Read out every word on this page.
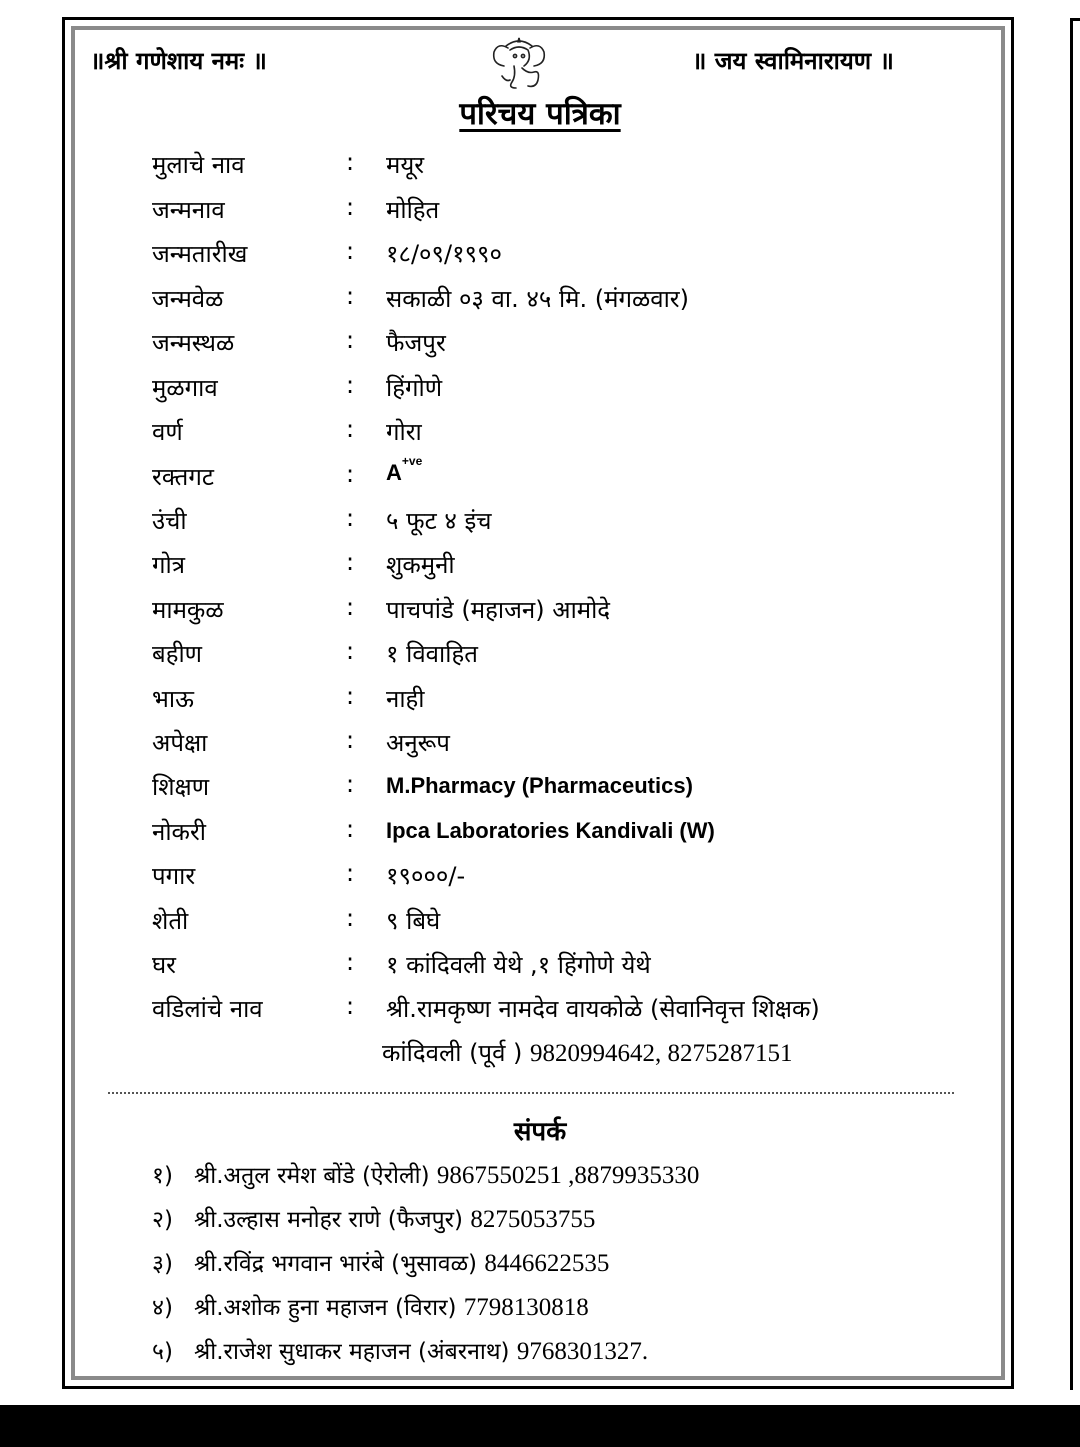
॥श्री गणेशाय नमः ॥	॥ जय स्वामिनारायण ॥
परिचय पत्रिका
मुलाचे नाव	: मयूर
जन्मनाव	: मोहित
जन्मतारीख	: १८/०९/१९९०
जन्मवेळ	: सकाळी ०३ वा. ४५ मि. (मंगळवार)
जन्मस्थळ	: फैजपुर
मुळगाव	: हिंगोणे
वर्ण	: गोरा
रक्तगट	: $A^{+ve}$
उंची	: ५ फूट ४ इंच
गोत्र	: शुकमुनी
मामकुळ	: पाचपांडे (महाजन) आमोदे
बहीण	: १ विवाहित
भाऊ	: नाही
अपेक्षा	: अनुरूप
शिक्षण	: M.Pharmacy (Pharmaceutics)
नोकरी	: Ipca Laboratories Kandivali (W)
पगार	: १९०००/-
शेती	: ९ बिघे
घर	: १ कांदिवली येथे ,१ हिंगोणे येथे
वडिलांचे नाव	: श्री.रामकृष्ण नामदेव वायकोळे (सेवानिवृत्त शिक्षक)
कांदिवली (पूर्व ) 9820994642, 8275287151
संपर्क
१) श्री.अतुल रमेश बोंडे (ऐरोली) 9867550251 ,8879935330
२) श्री.उल्हास मनोहर राणे (फैजपुर) 8275053755
३) श्री.रविंद्र भगवान भारंबे (भुसावळ) 8446622535
४) श्री.अशोक हुना महाजन (विरार) 7798130818
५) श्री.राजेश सुधाकर महाजन (अंबरनाथ) 9768301327.
